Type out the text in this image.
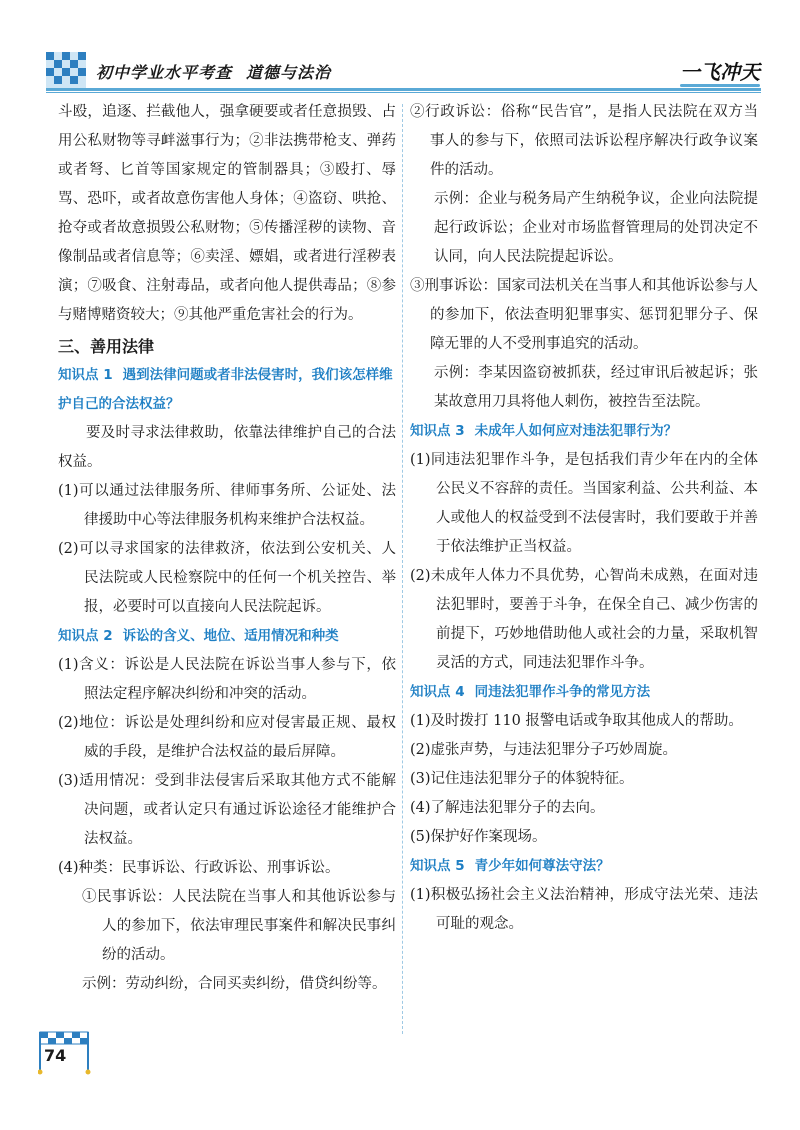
初中学业水平考查 道德与法治	一飞冲天

斗殴，追逐、拦截他人，强拿硬要或者任意损毁、占用公私财物等寻衅滋事行为；②非法携带枪支、弹药或者弩、匕首等国家规定的管制器具；③殴打、辱骂、恐吓，或者故意伤害他人身体；④盗窃、哄抢、抢夺或者故意损毁公私财物；⑤传播淫秽的读物、音像制品或者信息等；⑥卖淫、嫖娼，或者进行淫秽表演；⑦吸食、注射毒品，或者向他人提供毒品；⑧参与赌博赌资较大；⑨其他严重危害社会的行为。

三、善用法律

知识点 1 遇到法律问题或者非法侵害时，我们该怎样维护自己的合法权益？

要及时寻求法律救助，依靠法律维护自己的合法权益。

(1)可以通过法律服务所、律师事务所、公证处、法律援助中心等法律服务机构来维护合法权益。

(2)可以寻求国家的法律救济，依法到公安机关、人民法院或人民检察院中的任何一个机关控告、举报，必要时可以直接向人民法院起诉。

知识点 2 诉讼的含义、地位、适用情况和种类

(1)含义：诉讼是人民法院在诉讼当事人参与下，依照法定程序解决纠纷和冲突的活动。

(2)地位：诉讼是处理纠纷和应对侵害最正规、最权威的手段，是维护合法权益的最后屏障。

(3)适用情况：受到非法侵害后采取其他方式不能解决问题，或者认定只有通过诉讼途径才能维护合法权益。

(4)种类：民事诉讼、行政诉讼、刑事诉讼。

①民事诉讼：人民法院在当事人和其他诉讼参与人的参加下，依法审理民事案件和解决民事纠纷的活动。

示例：劳动纠纷，合同买卖纠纷，借贷纠纷等。

②行政诉讼：俗称“民告官”，是指人民法院在双方当事人的参与下，依照司法诉讼程序解决行政争议案件的活动。

示例：企业与税务局产生纳税争议，企业向法院提起行政诉讼；企业对市场监督管理局的处罚决定不认同，向人民法院提起诉讼。

③刑事诉讼：国家司法机关在当事人和其他诉讼参与人的参加下，依法查明犯罪事实、惩罚犯罪分子、保障无罪的人不受刑事追究的活动。

示例：李某因盗窃被抓获，经过审讯后被起诉；张某故意用刀具将他人刺伤，被控告至法院。

知识点 3 未成年人如何应对违法犯罪行为？

(1)同违法犯罪作斗争，是包括我们青少年在内的全体公民义不容辞的责任。当国家利益、公共利益、本人或他人的权益受到不法侵害时，我们要敢于并善于依法维护正当权益。

(2)未成年人体力不具优势，心智尚未成熟，在面对违法犯罪时，要善于斗争，在保全自己、减少伤害的前提下，巧妙地借助他人或社会的力量，采取机智灵活的方式，同违法犯罪作斗争。

知识点 4 同违法犯罪作斗争的常见方法

(1)及时拨打 110 报警电话或争取其他成人的帮助。

(2)虚张声势，与违法犯罪分子巧妙周旋。

(3)记住违法犯罪分子的体貌特征。

(4)了解违法犯罪分子的去向。

(5)保护好作案现场。

知识点 5 青少年如何尊法守法？

(1)积极弘扬社会主义法治精神，形成守法光荣、违法可耻的观念。

74
